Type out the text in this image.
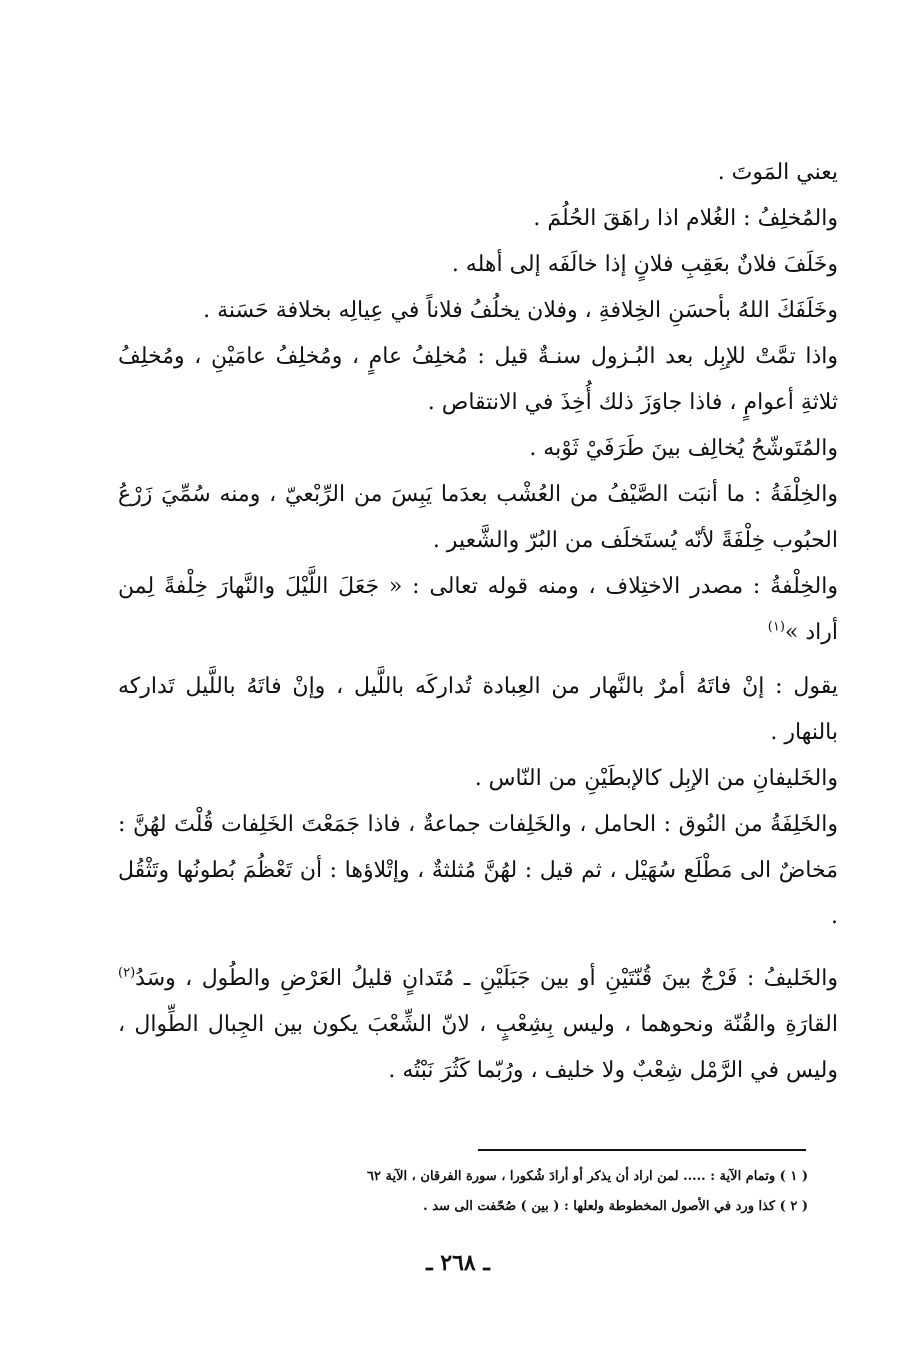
يعني المَوتَ .

والمُخلِفُ : الغُلام اذا راهَقَ الحُلُمَ .

وخَلَفَ فلانٌ بعَقِبِ فلانٍ إذا خالَفَه إلى أهله .

وخَلَفَكَ اللهُ بأحسَنِ الخِلافةِ ، وفلان يخلُفُ فلاناً في عِيالِه بخلافة حَسَنة .

واذا تمَّتْ للإبِل بعد البُـزول سنـةٌ قيل : مُخلِفُ عامٍ ، ومُخلِفُ عامَيْنِ ، ومُخلِفُ ثلاثةِ أعوامٍ ، فاذا جاوَزَ ذلك أُخِذَ في الانتقاص .

والمُتَوشّحُ يُخالِف بينَ طَرَفَيْ ثَوْبه .

والخِلْفَةُ : ما أنبَت الصَّيْفُ من العُشْب بعدَما يَبِسَ من الرِّبْعيّ ، ومنه سُمِّيَ زَرْعُ الحبُوب خِلْفَةً لأنّه يُستَخلَف من البُرّ والشَّعير .

والخِلْفةُ : مصدر الاختِلاف ، ومنه قوله تعالى : « جَعَلَ اللَّيْلَ والنَّهارَ خِلْفةً لِمن أراد »$^{(١)}$

يقول : إنْ فاتَهُ أمرٌ بالنَّهار من العِبادة تُداركَه باللَّيل ، وإنْ فاتَهُ باللَّيل تَداركه بالنهار .

والخَليفانِ من الإبِل كالإبطَيْنِ من النّاس .

والخَلِفَةُ من النُوق : الحامل ، والخَلِفات جماعةٌ ، فاذا جَمَعْتَ الخَلِفات قُلْتَ لهُنَّ : مَخاضٌ الى مَطْلَع سُهَيْل ، ثم قيل : لهُنَّ مُثلثةٌ ، وإتْلاؤها : أن تَعْظُمَ بُطونُها وتَثْقُل .

والخَليفُ : فَرْجٌ بينَ قُنّتَيْنِ أو بين جَبَلَيْنِ ـ مُتَدانٍ قليلُ العَرْضِ والطُول ، وسَدُ$^{(٢)}$ القارَةِ والقُنّة ونحوهما ، وليس بِشِعْبٍ ، لانّ الشِّعْبَ يكون بين الجِبال الطِّوال ، وليس في الرَّمْل شِعْبٌ ولا خليف ، ورُبّما كَثُرَ نَبْتُه .

( ١ ) وتمام الآية : ..... لمن اراد أن يذكر أو أرادَ شُكورا ، سورة الفرقان ، الآية ٦٢

( ٢ ) كذا ورد في الأصول المخطوطة ولعلها : ( بين ) صُحّفت الى سد .

ـ ٢٦٨ ـ
